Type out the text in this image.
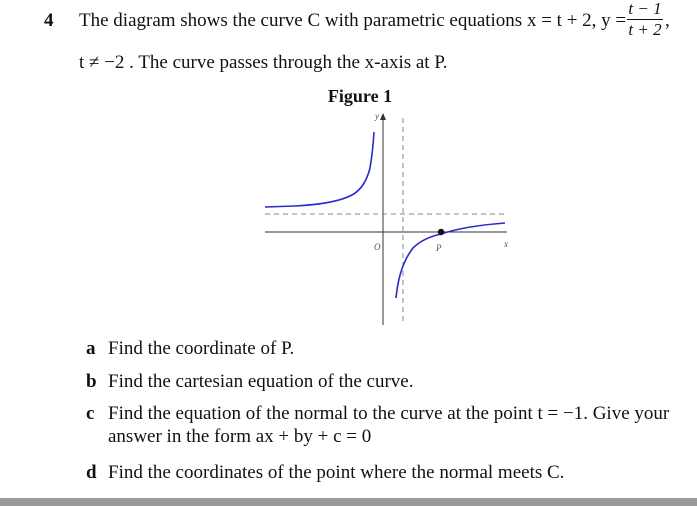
4 The diagram shows the curve C with parametric equations x = t + 2, y =
t − 1
t + 2 ,
t ≠ −2 . The curve passes through the x-axis at P.
Figure 1
y
P
O	x
a Find the coordinate of P.
b Find the cartesian equation of the curve.
c Find the equation of the normal to the curve at the point t = −1. Give your
answer in the form ax + by + c = 0
d Find the coordinates of the point where the normal meets C.
